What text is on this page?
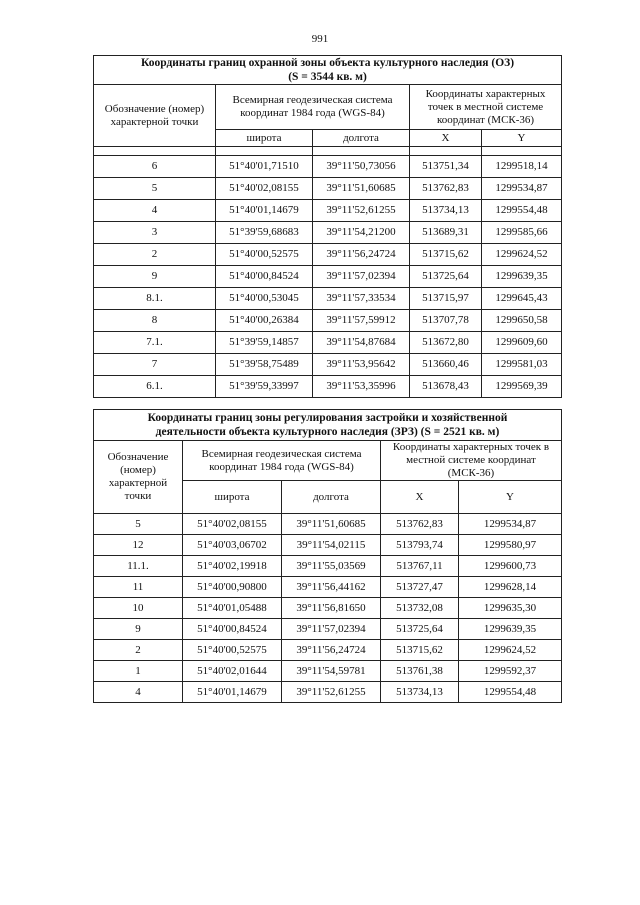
991
Координаты границ охранной зоны объекта культурного наследия (ОЗ)
(S = 3544 кв. м)				
Обозначение (номер) характерной точки	Всемирная геодезическая система координат 1984 года (WGS-84)		Координаты характерных точек в местной системе координат (МСК-36)	
	широта	долгота	X	Y

6	51°40'01,71510	39°11'50,73056	513751,34	1299518,14
5	51°40'02,08155	39°11'51,60685	513762,83	1299534,87
4	51°40'01,14679	39°11'52,61255	513734,13	1299554,48
3	51°39'59,68683	39°11'54,21200	513689,31	1299585,66
2	51°40'00,52575	39°11'56,24724	513715,62	1299624,52
9	51°40'00,84524	39°11'57,02394	513725,64	1299639,35
8.1.	51°40'00,53045	39°11'57,33534	513715,97	1299645,43
8	51°40'00,26384	39°11'57,59912	513707,78	1299650,58
7.1.	51°39'59,14857	39°11'54,87684	513672,80	1299609,60
7	51°39'58,75489	39°11'53,95642	513660,46	1299581,03
6.1.	51°39'59,33997	39°11'53,35996	513678,43	1299569,39
Координаты границ зоны регулирования застройки и хозяйственной
деятельности объекта культурного наследия (ЗРЗ) (S = 2521 кв. м)				
Обозначение (номер) характерной точки	Всемирная геодезическая система координат 1984 года (WGS-84)		Координаты характерных точек в местной системе координат (МСК-36)	
	широта	долгота	X	Y
5	51°40'02,08155	39°11'51,60685	513762,83	1299534,87
12	51°40'03,06702	39°11'54,02115	513793,74	1299580,97
11.1.	51°40'02,19918	39°11'55,03569	513767,11	1299600,73
11	51°40'00,90800	39°11'56,44162	513727,47	1299628,14
10	51°40'01,05488	39°11'56,81650	513732,08	1299635,30
9	51°40'00,84524	39°11'57,02394	513725,64	1299639,35
2	51°40'00,52575	39°11'56,24724	513715,62	1299624,52
1	51°40'02,01644	39°11'54,59781	513761,38	1299592,37
4	51°40'01,14679	39°11'52,61255	513734,13	1299554,48
